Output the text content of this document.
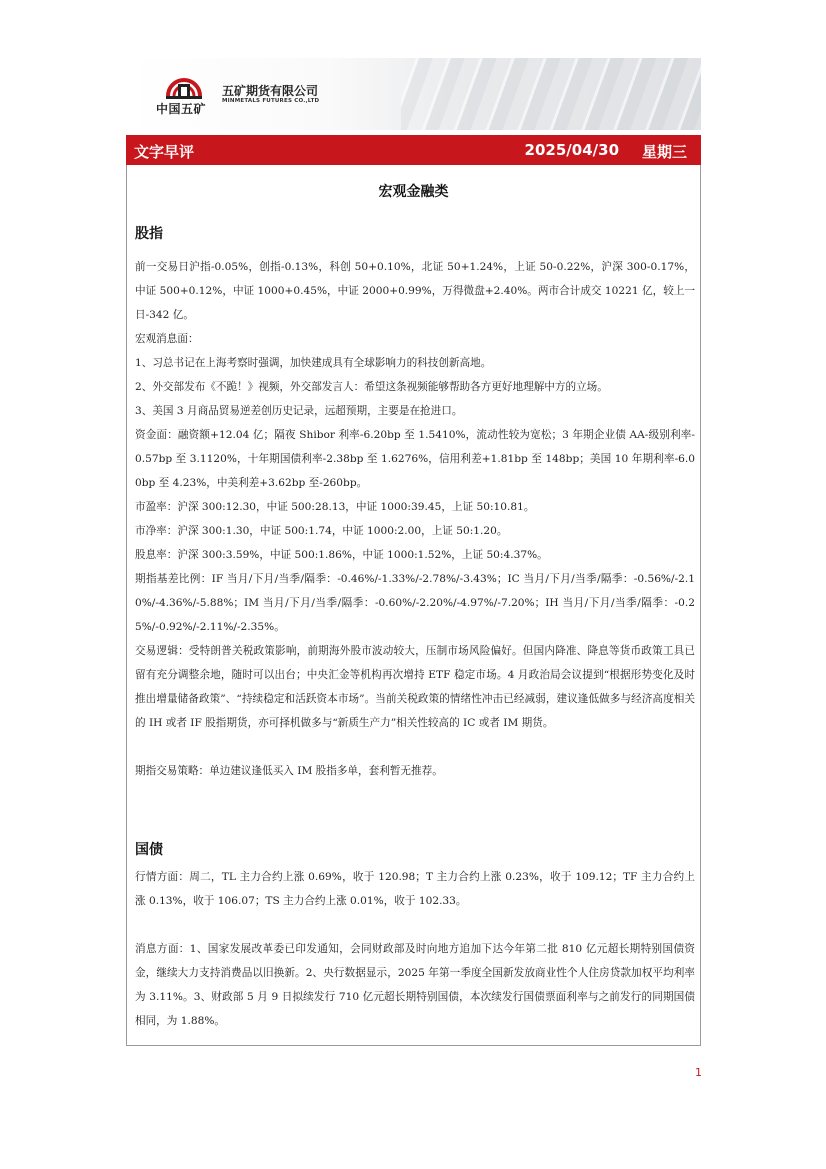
中国五矿
五矿期货有限公司
MINMETALS FUTURES CO.,LTD
文字早评	2025/04/30 星期三
宏观金融类
股指
前一交易日沪指-0.05%，创指-0.13%，科创 50+0.10%，北证 50+1.24%，上证 50-0.22%，沪深 300-0.17%，中证 500+0.12%，中证 1000+0.45%，中证 2000+0.99%，万得微盘+2.40%。两市合计成交 10221 亿，较上一日-342 亿。
宏观消息面：
1、习总书记在上海考察时强调，加快建成具有全球影响力的科技创新高地。
2、外交部发布《不跪！》视频，外交部发言人：希望这条视频能够帮助各方更好地理解中方的立场。
3、美国 3 月商品贸易逆差创历史记录，远超预期，主要是在抢进口。
资金面：融资额+12.04 亿；隔夜 Shibor 利率-6.20bp 至 1.5410%，流动性较为宽松；3 年期企业债 AA-级别利率-0.57bp 至 3.1120%，十年期国债利率-2.38bp 至 1.6276%，信用利差+1.81bp 至 148bp；美国 10 年期利率-6.00bp 至 4.23%，中美利差+3.62bp 至-260bp。
市盈率：沪深 300:12.30，中证 500:28.13，中证 1000:39.45，上证 50:10.81。
市净率：沪深 300:1.30，中证 500:1.74，中证 1000:2.00，上证 50:1.20。
股息率：沪深 300:3.59%，中证 500:1.86%，中证 1000:1.52%，上证 50:4.37%。
期指基差比例：IF 当月/下月/当季/隔季：-0.46%/-1.33%/-2.78%/-3.43%；IC 当月/下月/当季/隔季：-0.56%/-2.10%/-4.36%/-5.88%；IM 当月/下月/当季/隔季：-0.60%/-2.20%/-4.97%/-7.20%；IH 当月/下月/当季/隔季：-0.25%/-0.92%/-2.11%/-2.35%。
交易逻辑：受特朗普关税政策影响，前期海外股市波动较大，压制市场风险偏好。但国内降准、降息等货币政策工具已留有充分调整余地，随时可以出台；中央汇金等机构再次增持 ETF 稳定市场。4 月政治局会议提到“根据形势变化及时推出增量储备政策”、“持续稳定和活跃资本市场”。当前关税政策的情绪性冲击已经减弱，建议逢低做多与经济高度相关的 IH 或者 IF 股指期货，亦可择机做多与“新质生产力”相关性较高的 IC 或者 IM 期货。
期指交易策略：单边建议逢低买入 IM 股指多单，套利暂无推荐。
国债
行情方面：周二，TL 主力合约上涨 0.69%，收于 120.98；T 主力合约上涨 0.23%，收于 109.12；TF 主力合约上涨 0.13%，收于 106.07；TS 主力合约上涨 0.01%，收于 102.33。
消息方面：1、国家发展改革委已印发通知，会同财政部及时向地方追加下达今年第二批 810 亿元超长期特别国债资金，继续大力支持消费品以旧换新。2、央行数据显示，2025 年第一季度全国新发放商业性个人住房贷款加权平均利率为 3.11%。3、财政部 5 月 9 日拟续发行 710 亿元超长期特别国债，本次续发行国债票面利率与之前发行的同期国债相同，为 1.88%。
1
